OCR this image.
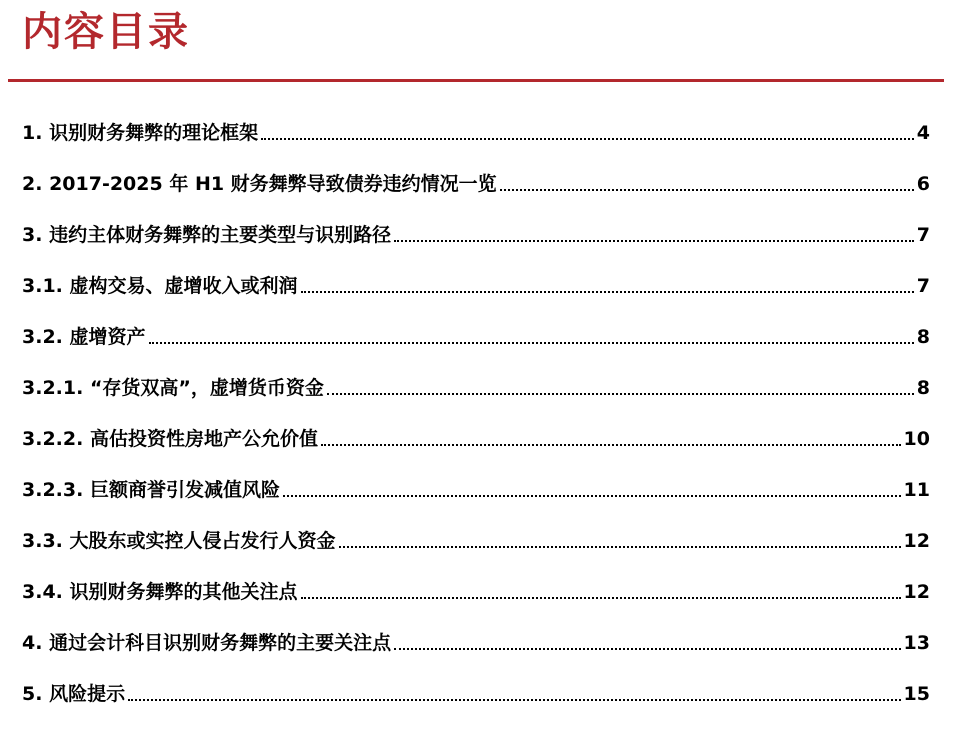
内容目录
1. 识别财务舞弊的理论框架	4
2. 2017-2025 年 H1 财务舞弊导致债券违约情况一览	6
3. 违约主体财务舞弊的主要类型与识别路径	7
3.1. 虚构交易、虚增收入或利润	7
3.2. 虚增资产	8
3.2.1. “存货双高”，虚增货币资金	8
3.2.2. 高估投资性房地产公允价值	10
3.2.3. 巨额商誉引发减值风险	11
3.3. 大股东或实控人侵占发行人资金	12
3.4. 识别财务舞弊的其他关注点	12
4. 通过会计科目识别财务舞弊的主要关注点	13
5. 风险提示	15
